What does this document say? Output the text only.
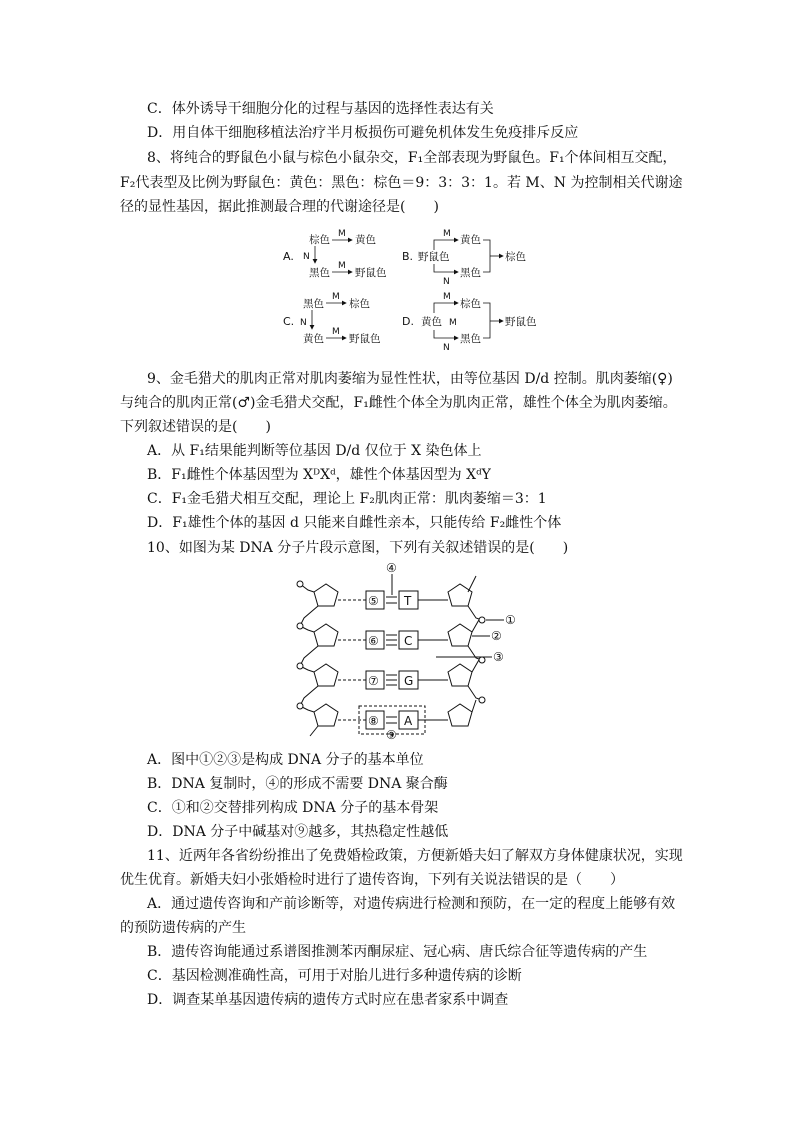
C．体外诱导干细胞分化的过程与基因的选择性表达有关
D．用自体干细胞移植法治疗半月板损伤可避免机体发生免疫排斥反应
8、将纯合的野鼠色小鼠与棕色小鼠杂交，F₁全部表现为野鼠色。F₁个体间相互交配，
F₂代表型及比例为野鼠色：黄色：黑色：棕色＝9：3：3：1。若 M、N 为控制相关代谢途
径的显性基因，据此推测最合理的代谢途径是(　　)
A.
棕色 M 黄色
N
黑色
M
野鼠色
B. 野鼠色
M
N
黄色
黑色
棕色
C.
黑色
M
棕色
N
黄色
M
野鼠色
D. 黄色
M
M
N
棕色
黑色
野鼠色
9、金毛猎犬的肌肉正常对肌肉萎缩为显性性状，由等位基因 D/d 控制。肌肉萎缩(♀)
与纯合的肌肉正常(♂)金毛猎犬交配，F₁雌性个体全为肌肉正常，雄性个体全为肌肉萎缩。
下列叙述错误的是(　　)
A．从 F₁结果能判断等位基因 D/d 仅位于 X 染色体上
B．F₁雌性个体基因型为 XᴰXᵈ，雄性个体基因型为 XᵈY
C．F₁金毛猎犬相互交配，理论上 F₂肌肉正常：肌肉萎缩＝3：1
D．F₁雄性个体的基因 d 只能来自雌性亲本，只能传给 F₂雌性个体
10、如图为某 DNA 分子片段示意图，下列有关叙述错误的是(　　)
④
⑤
⑥
⑦
⑧
T
C
G
A
①
②
③
⑨
A．图中①②③是构成 DNA 分子的基本单位
B．DNA 复制时，④的形成不需要 DNA 聚合酶
C．①和②交替排列构成 DNA 分子的基本骨架
D．DNA 分子中碱基对⑨越多，其热稳定性越低
11、近两年各省纷纷推出了免费婚检政策，方便新婚夫妇了解双方身体健康状况，实现
优生优育。新婚夫妇小张婚检时进行了遗传咨询，下列有关说法错误的是（　　）
A．通过遗传咨询和产前诊断等，对遗传病进行检测和预防，在一定的程度上能够有效
的预防遗传病的产生
B．遗传咨询能通过系谱图推测苯丙酮尿症、冠心病、唐氏综合征等遗传病的产生
C．基因检测准确性高，可用于对胎儿进行多种遗传病的诊断
D．调查某单基因遗传病的遗传方式时应在患者家系中调查
